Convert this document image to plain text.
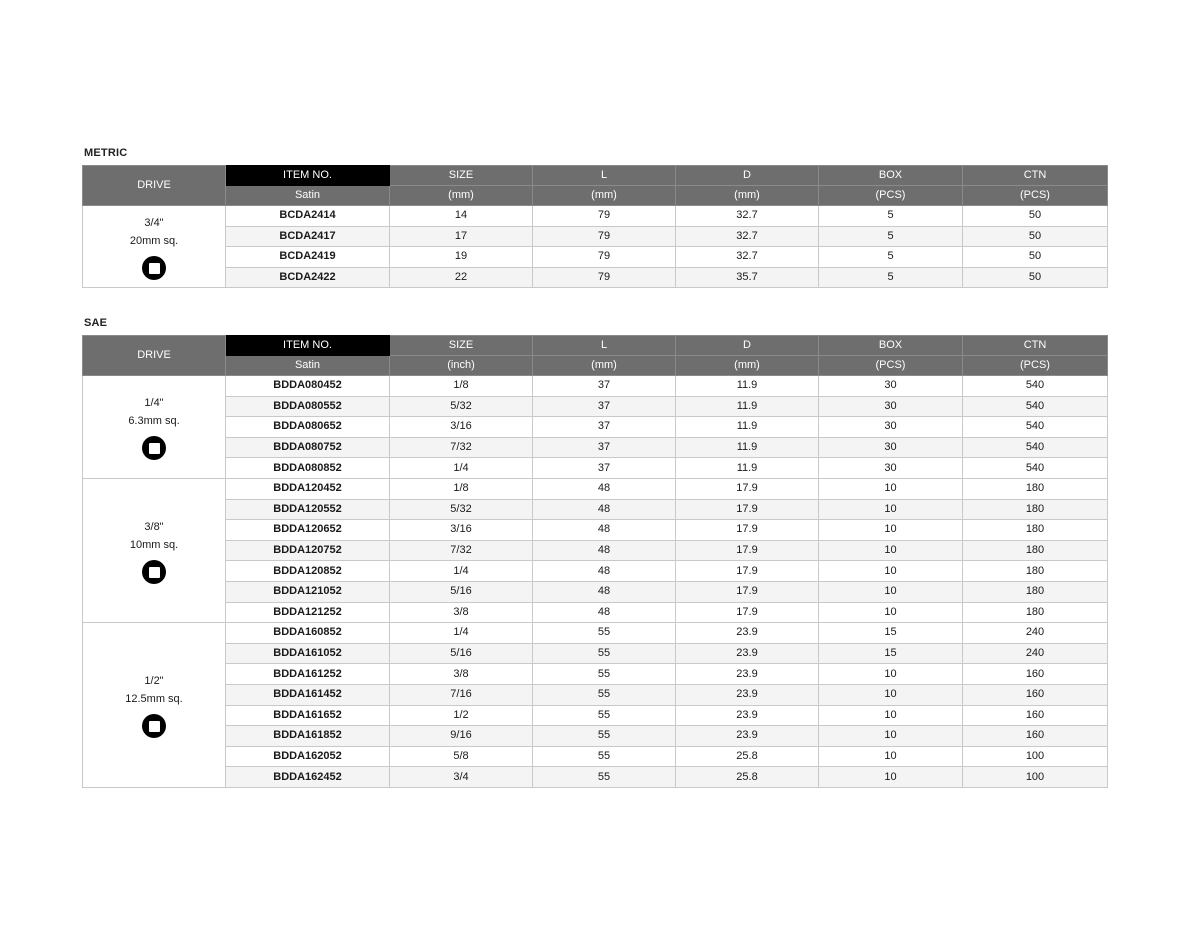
METRIC
DRIVE	ITEM NO.	SIZE	L	D	BOX	CTN
	Satin	(mm)	(mm)	(mm)	(PCS)	(PCS)

3/4"
20mm sq.	BCDA2414	14	79	32.7	5	50
	BCDA2417	17	79	32.7	5	50
	BCDA2419	19	79	32.7	5	50
	BCDA2422	22	79	35.7	5	50
SAE
DRIVE	ITEM NO.	SIZE	L	D	BOX	CTN
	Satin	(inch)	(mm)	(mm)	(PCS)	(PCS)

1/4"
6.3mm sq.	BDDA080452	1/8	37	11.9	30	540
	BDDA080552	5/32	37	11.9	30	540
	BDDA080652	3/16	37	11.9	30	540
	BDDA080752	7/32	37	11.9	30	540
	BDDA080852	1/4	37	11.9	30	540

3/8"
10mm sq.	BDDA120452	1/8	48	17.9	10	180
	BDDA120552	5/32	48	17.9	10	180
	BDDA120652	3/16	48	17.9	10	180
	BDDA120752	7/32	48	17.9	10	180
	BDDA120852	1/4	48	17.9	10	180
	BDDA121052	5/16	48	17.9	10	180
	BDDA121252	3/8	48	17.9	10	180

1/2"
12.5mm sq.	BDDA160852	1/4	55	23.9	15	240
	BDDA161052	5/16	55	23.9	15	240
	BDDA161252	3/8	55	23.9	10	160
	BDDA161452	7/16	55	23.9	10	160
	BDDA161652	1/2	55	23.9	10	160
	BDDA161852	9/16	55	23.9	10	160
	BDDA162052	5/8	55	25.8	10	100
	BDDA162452	3/4	55	25.8	10	100
